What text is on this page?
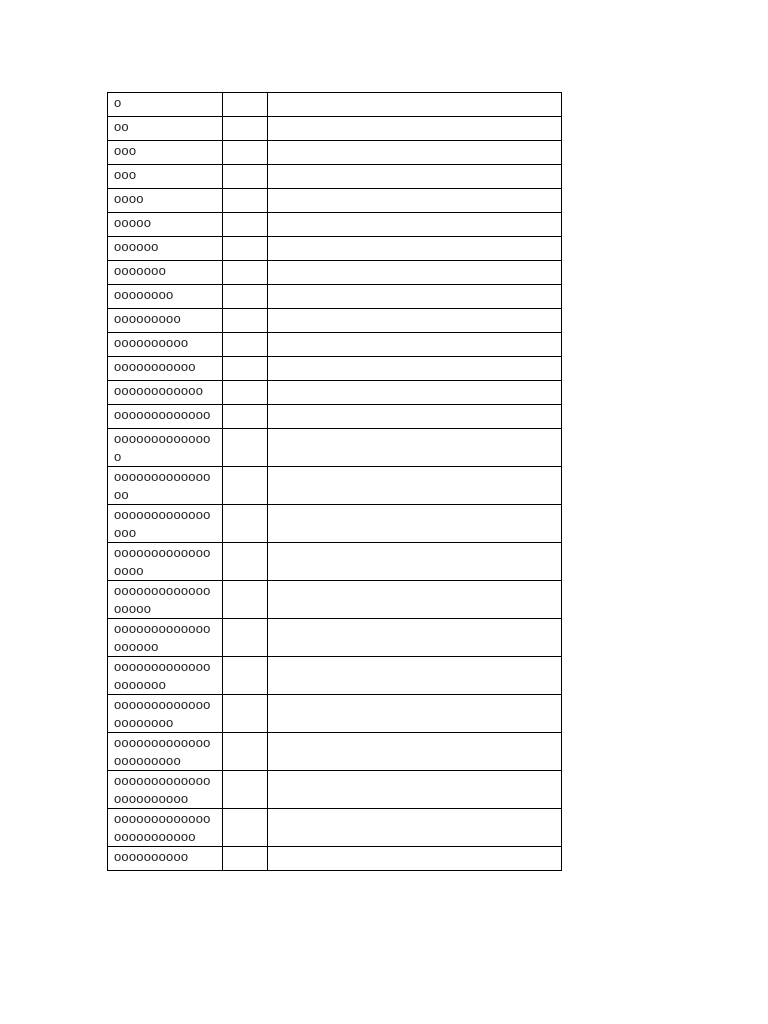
o		
oo		
ooo		
ooo		
oooo		
ooooo		
oooooo		
ooooooo		
oooooooo		
ooooooooo		
oooooooooo		
ooooooooooo		
oooooooooooo		
ooooooooooooo		
oooooooooooooo		
ooooooooooooooo		
oooooooooooooooo		
ooooooooooooooooo		
oooooooooooooooooo		
ooooooooooooooooooo		
oooooooooooooooooooo		
ooooooooooooooooooooo		
oooooooooooooooooooooo		
ooooooooooooooooooooooo		
oooooooooooooooooooooooo		
oooooooooo		
